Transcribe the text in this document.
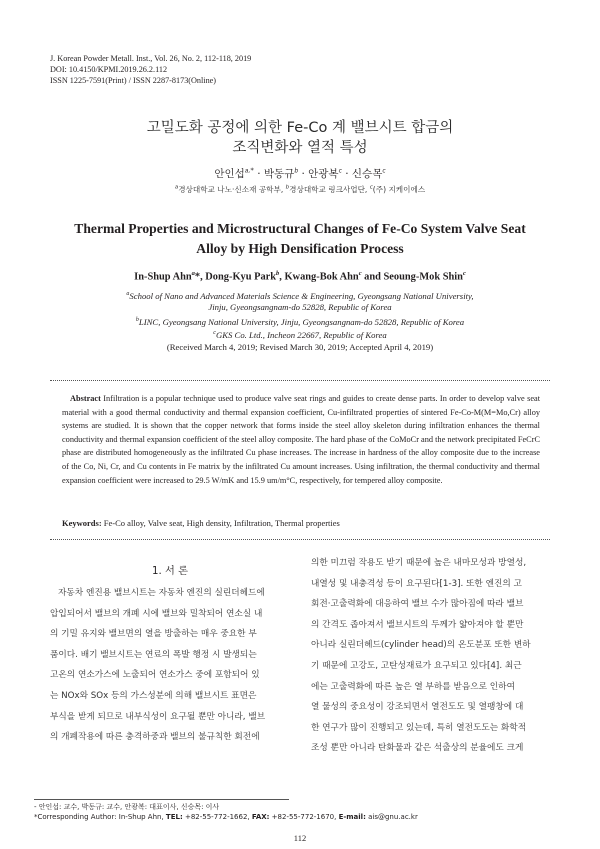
J. Korean Powder Metall. Inst., Vol. 26, No. 2, 112-118, 2019
DOI: 10.4150/KPMI.2019.26.2.112
ISSN 1225-7591(Print) / ISSN 2287-8173(Online)
고밀도화 공정에 의한 Fe-Co 계 밸브시트 합금의
조직변화와 열적 특성
안인섭$^{a,*}$ · 박동규$^b$ · 안광복$^c$ · 신승목$^c$
$^a$경상대학교 나노·신소재 공학부, $^b$경상대학교 링크사업단, $^c$(주) 지케이에스
Thermal Properties and Microstructural Changes of Fe-Co System Valve Seat
Alloy by High Densification Process
In-Shup Ahn$^a$*, Dong-Kyu Park$^b$, Kwang-Bok Ahn$^c$ and Seoung-Mok Shin$^c$
$^a$School of Nano and Advanced Materials Science & Engineering, Gyeongsang National University,
Jinju, Gyeongsangnam-do 52828, Republic of Korea
$^b$LINC, Gyeongsang National University, Jinju, Gyeongsangnam-do 52828, Republic of Korea
$^c$GKS Co. Ltd., Incheon 22667, Republic of Korea
(Received March 4, 2019; Revised March 30, 2019; Accepted April 4, 2019)
Abstract Infiltration is a popular technique used to produce valve seat rings and guides to create dense parts. In order to develop valve seat material with a good thermal conductivity and thermal expansion coefficient, Cu-infiltrated properties of sintered Fe-Co-M(M=Mo,Cr) alloy systems are studied. It is shown that the copper network that forms inside the steel alloy skeleton during infiltration enhances the thermal conductivity and thermal expansion coefficient of the steel alloy composite. The hard phase of the CoMoCr and the network precipitated FeCrC phase are distributed homogeneously as the infiltrated Cu phase increases. The increase in hardness of the alloy composite due to the increase of the Co, Ni, Cr, and Cu contents in Fe matrix by the infiltrated Cu amount increases. Using infiltration, the thermal conductivity and thermal expansion coefficient were increased to 29.5 W/mK and 15.9 um/m°C, respectively, for tempered alloy composite.
Keywords: Fe-Co alloy, Valve seat, High density, Infiltration, Thermal properties
1. 서 론
자동차 엔진용 밸브시트는 자동차 엔진의 실린더헤드에
압입되어서 밸브의 개폐 시에 밸브와 밀착되어 연소실 내
의 기밀 유지와 밸브면의 열을 방출하는 매우 중요한 부
품이다. 배기 밸브시트는 연료의 폭발 행정 시 발생되는
고온의 연소가스에 노출되어 연소가스 중에 포함되어 있
는 NOx와 SOx 등의 가스성분에 의해 밸브시트 표면은
부식을 받게 되므로 내부식성이 요구될 뿐만 아니라, 밸브
의 개폐작용에 따른 충격하중과 밸브의 불규칙한 회전에
의한 미끄럼 작용도 받기 때문에 높은 내마모성과 방열성,
내열성 및 내충격성 등이 요구된다[1-3]. 또한 엔진의 고
회전·고출력화에 대응하여 밸브 수가 많아짐에 따라 밸브
의 간격도 좁아져서 밸브시트의 두께가 얇아져야 할 뿐만
아니라 실린더헤드(cylinder head)의 온도분포 또한 변하
기 때문에 고강도, 고탄성재료가 요구되고 있다[4]. 최근
에는 고출력화에 따른 높은 열 부하를 받음으로 인하여
열 물성의 중요성이 강조되면서 열전도도 및 열팽창에 대
한 연구가 많이 진행되고 있는데, 특히 열전도도는 화학적
조성 뿐만 아니라 탄화물과 같은 석출상의 분율에도 크게
- 안인섭: 교수, 박동규: 교수, 안광복: 대표이사, 신승목: 이사
*Corresponding Author: In-Shup Ahn, TEL: +82-55-772-1662, FAX: +82-55-772-1670, E-mail: ais@gnu.ac.kr
112
